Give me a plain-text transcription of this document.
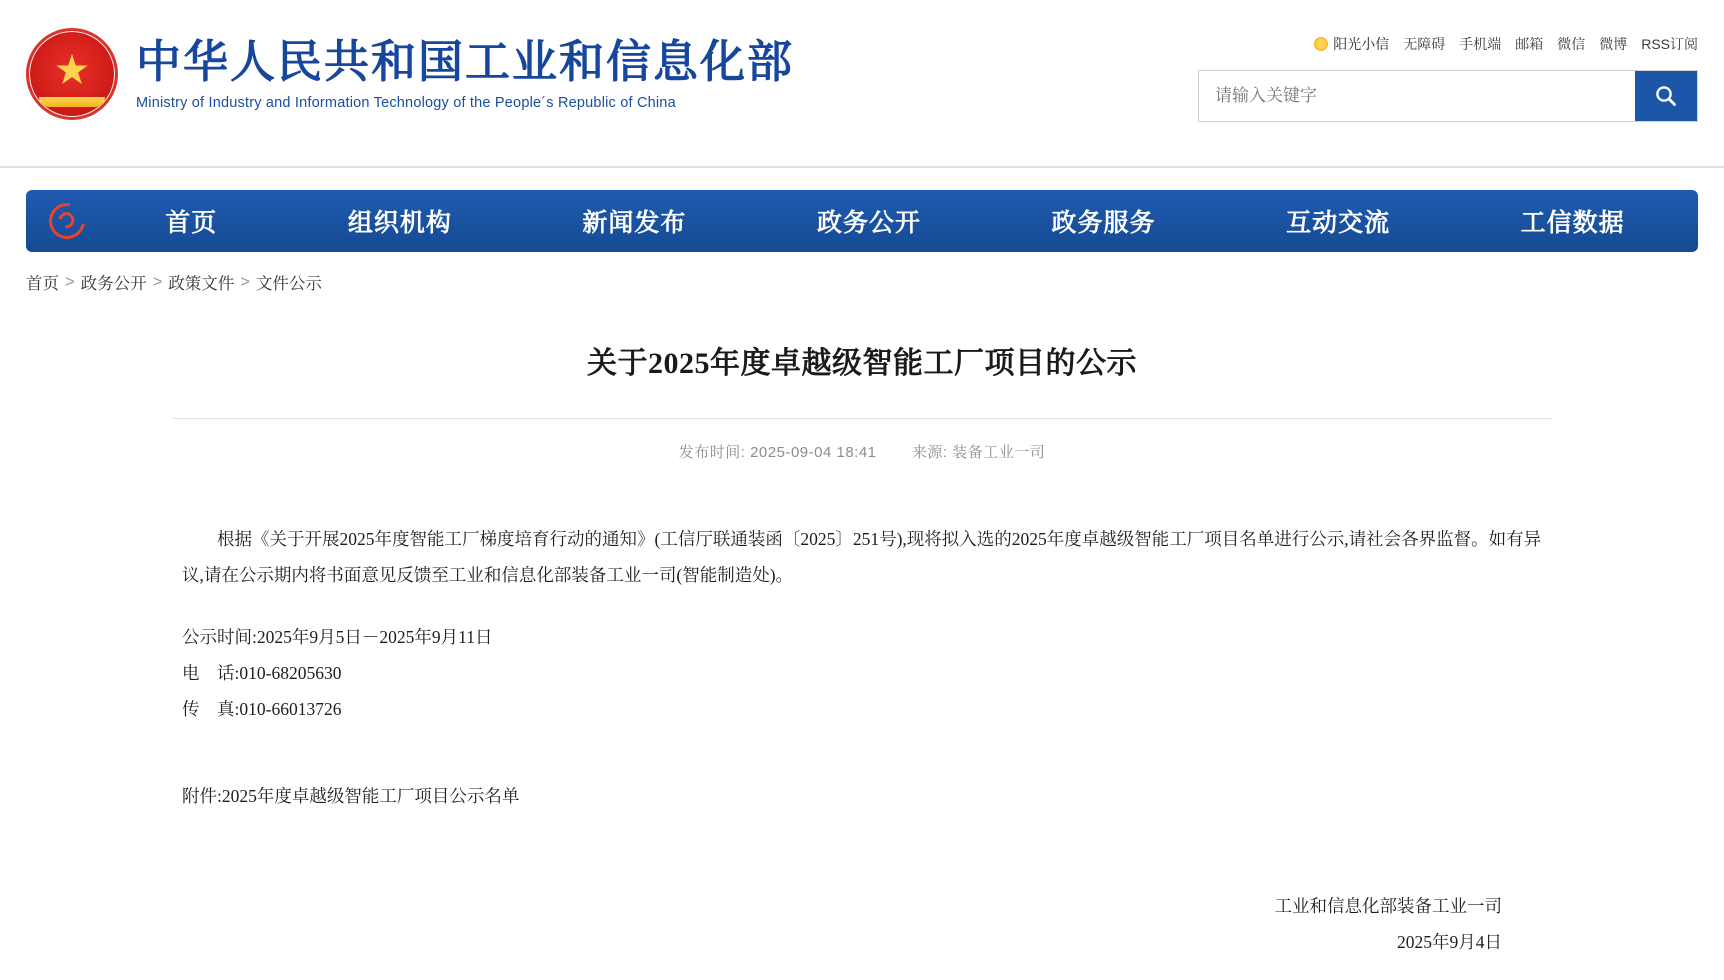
★
中华人民共和国工业和信息化部
Ministry of Industry and Information Technology of the People´s Republic of China
阳光小信 无障碍 手机端 邮箱 微信 微博 RSS订阅
请输入关键字
首页	组织机构	新闻发布	政务公开	政务服务	互动交流	工信数据
首页 > 政务公开 > 政策文件 > 文件公示
关于2025年度卓越级智能工厂项目的公示
发布时间: 2025-09-04 18:41 来源: 装备工业一司

根据《关于开展2025年度智能工厂梯度培育行动的通知》(工信厅联通装函〔2025〕251号),现将拟入选的2025年度卓越级智能工厂项目名单进行公示,请社会各界监督。如有异议,请在公示期内将书面意见反馈至工业和信息化部装备工业一司(智能制造处)。

公示时间:2025年9月5日－2025年9月11日

电　话:010-68205630

传　真:010-66013726

附件:2025年度卓越级智能工厂项目公示名单

工业和信息化部装备工业一司
2025年9月4日
